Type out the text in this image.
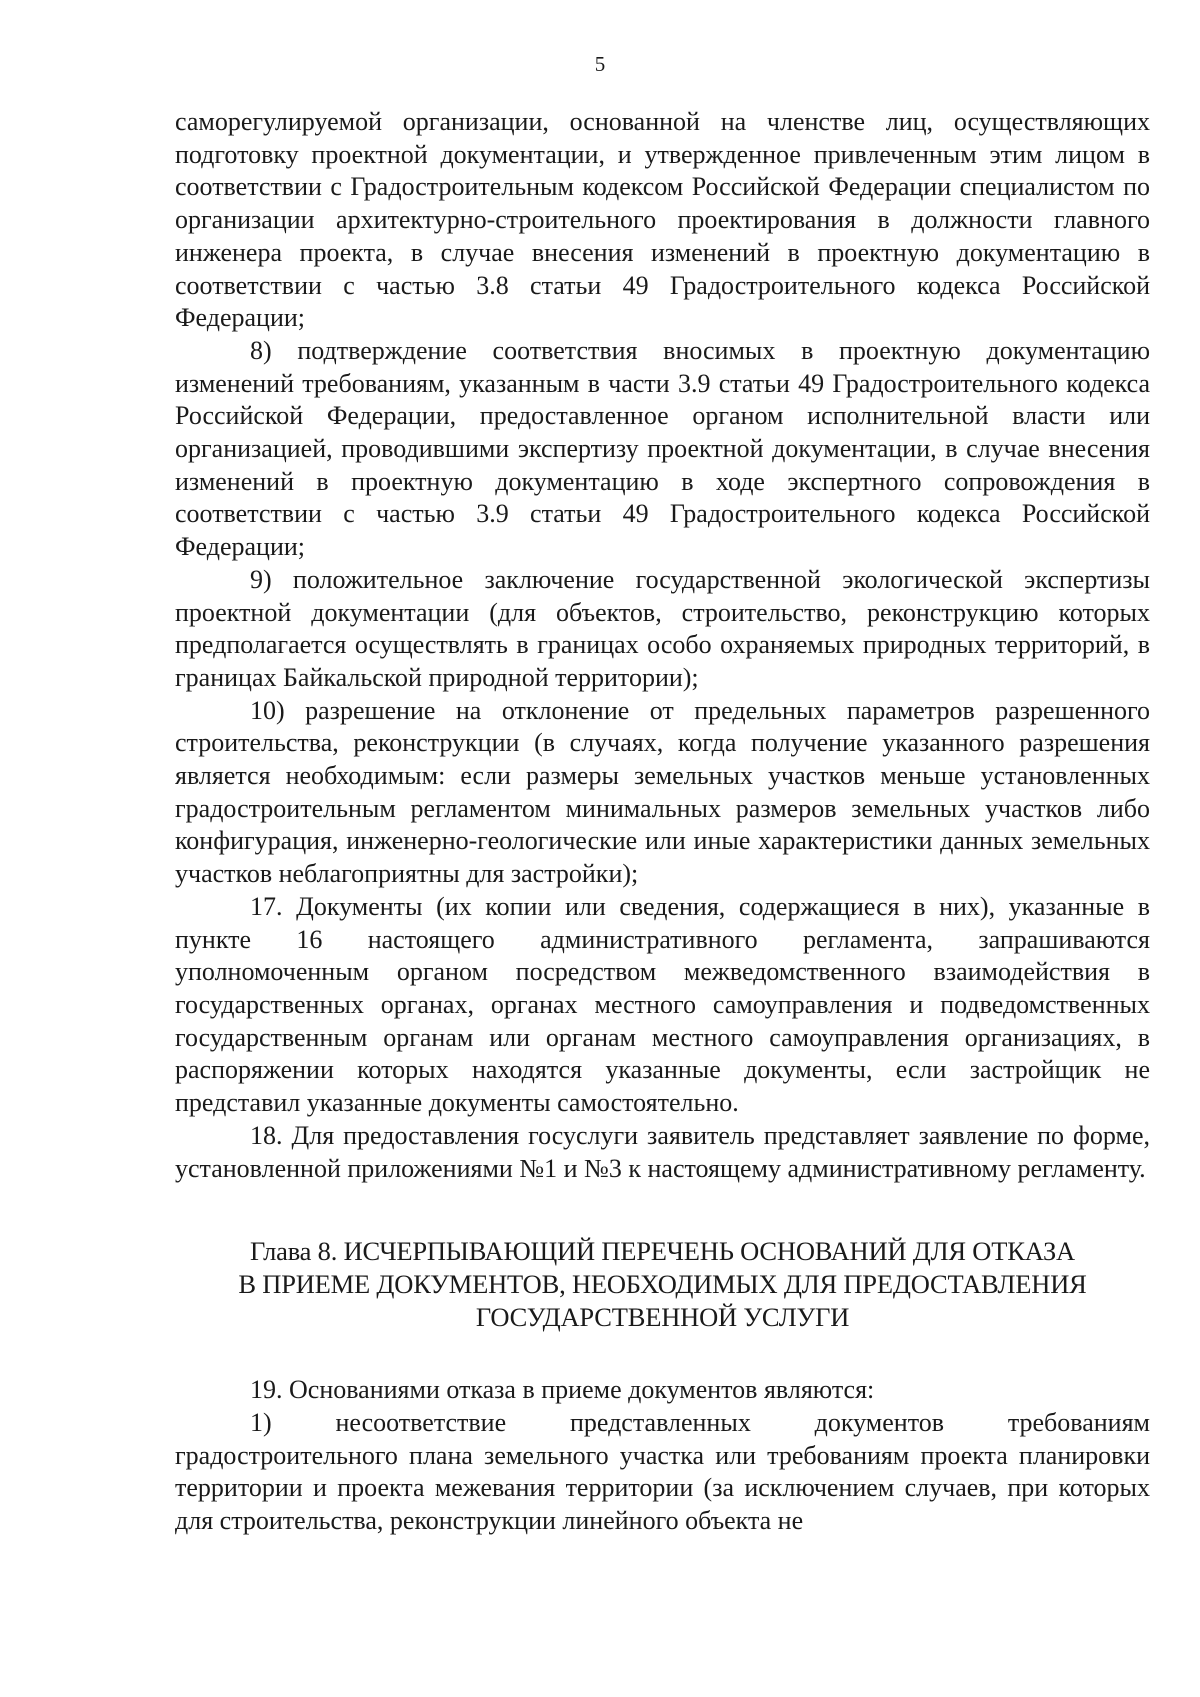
5

саморегулируемой организации, основанной на членстве лиц, осуществляющих подготовку проектной документации, и утвержденное привлеченным этим лицом в соответствии с Градостроительным кодексом Российской Федерации специалистом по организации архитектурно-строительного проектирования в должности главного инженера проекта, в случае внесения изменений в проектную документацию в соответствии с частью 3.8 статьи 49 Градостроительного кодекса Российской Федерации;

8) подтверждение соответствия вносимых в проектную документацию изменений требованиям, указанным в части 3.9 статьи 49 Градостроительного кодекса Российской Федерации, предоставленное органом исполнительной власти или организацией, проводившими экспертизу проектной документации, в случае внесения изменений в проектную документацию в ходе экспертного сопровождения в соответствии с частью 3.9 статьи 49 Градостроительного кодекса Российской Федерации;

9) положительное заключение государственной экологической экспертизы проектной документации (для объектов, строительство, реконструкцию которых предполагается осуществлять в границах особо охраняемых природных территорий, в границах Байкальской природной территории);

10) разрешение на отклонение от предельных параметров разрешенного строительства, реконструкции (в случаях, когда получение указанного разрешения является необходимым: если размеры земельных участков меньше установленных градостроительным регламентом минимальных размеров земельных участков либо конфигурация, инженерно-геологические или иные характеристики данных земельных участков неблагоприятны для застройки);

17. Документы (их копии или сведения, содержащиеся в них), указанные в пункте 16 настоящего административного регламента, запрашиваются уполномоченным органом посредством межведомственного взаимодействия в государственных органах, органах местного самоуправления и подведомственных государственным органам или органам местного самоуправления организациях, в распоряжении которых находятся указанные документы, если застройщик не представил указанные документы самостоятельно.

18. Для предоставления госуслуги заявитель представляет заявление по форме, установленной приложениями №1 и №3 к настоящему административному регламенту.

Глава 8. ИСЧЕРПЫВАЮЩИЙ ПЕРЕЧЕНЬ ОСНОВАНИЙ ДЛЯ ОТКАЗА
В ПРИЕМЕ ДОКУМЕНТОВ, НЕОБХОДИМЫХ ДЛЯ ПРЕДОСТАВЛЕНИЯ
ГОСУДАРСТВЕННОЙ УСЛУГИ

19. Основаниями отказа в приеме документов являются:

1) несоответствие представленных документов требованиям градостроительного плана земельного участка или требованиям проекта планировки территории и проекта межевания территории (за исключением случаев, при которых для строительства, реконструкции линейного объекта не
